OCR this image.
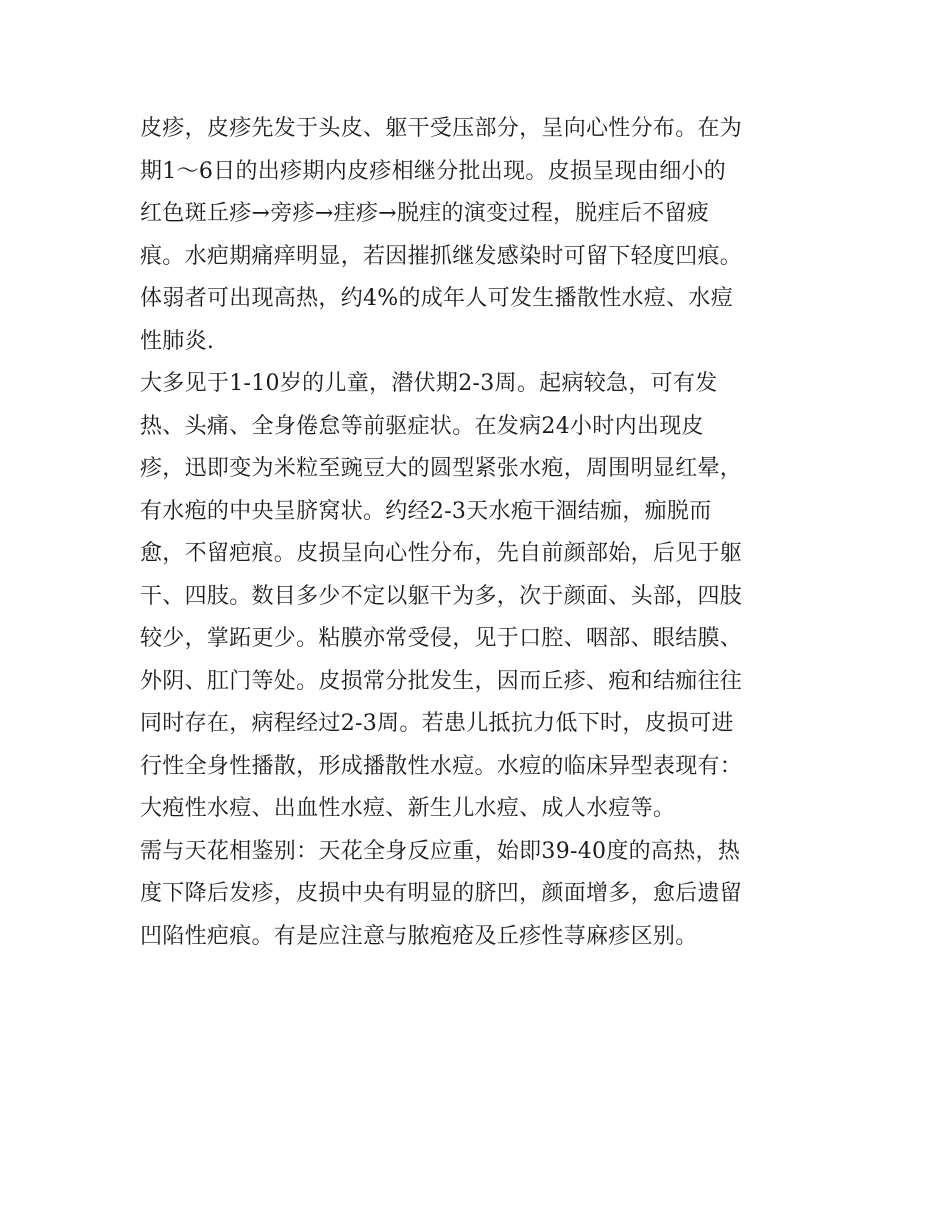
皮疹，皮疹先发于头皮、躯干受压部分，呈向心性分布。在为
期1～6日的出疹期内皮疹相继分批出现。皮损呈现由细小的
红色斑丘疹→旁疹→疰疹→脱疰的演变过程，脱疰后不留疲
痕。水疤期痛痒明显，若因摧抓继发感染时可留下轻度凹痕。
体弱者可出现高热，约4%的成年人可发生播散性水痘、水痘
性肺炎.
大多见于1-10岁的儿童，潜伏期2-3周。起病较急，可有发
热、头痛、全身倦怠等前驱症状。在发病24小时内出现皮
疹，迅即变为米粒至豌豆大的圆型紧张水疱，周围明显红晕，
有水疱的中央呈脐窝状。约经2-3天水疱干涸结痂，痂脱而
愈，不留疤痕。皮损呈向心性分布，先自前颜部始，后见于躯
干、四肢。数目多少不定以躯干为多，次于颜面、头部，四肢
较少，掌跖更少。粘膜亦常受侵，见于口腔、咽部、眼结膜、
外阴、肛门等处。皮损常分批发生，因而丘疹、疱和结痂往往
同时存在，病程经过2-3周。若患儿抵抗力低下时，皮损可进
行性全身性播散，形成播散性水痘。水痘的临床异型表现有：
大疱性水痘、出血性水痘、新生儿水痘、成人水痘等。
需与天花相鉴别：天花全身反应重，始即39-40度的高热，热
度下降后发疹，皮损中央有明显的脐凹，颜面增多，愈后遗留
凹陷性疤痕。有是应注意与脓疱疮及丘疹性荨麻疹区别。
